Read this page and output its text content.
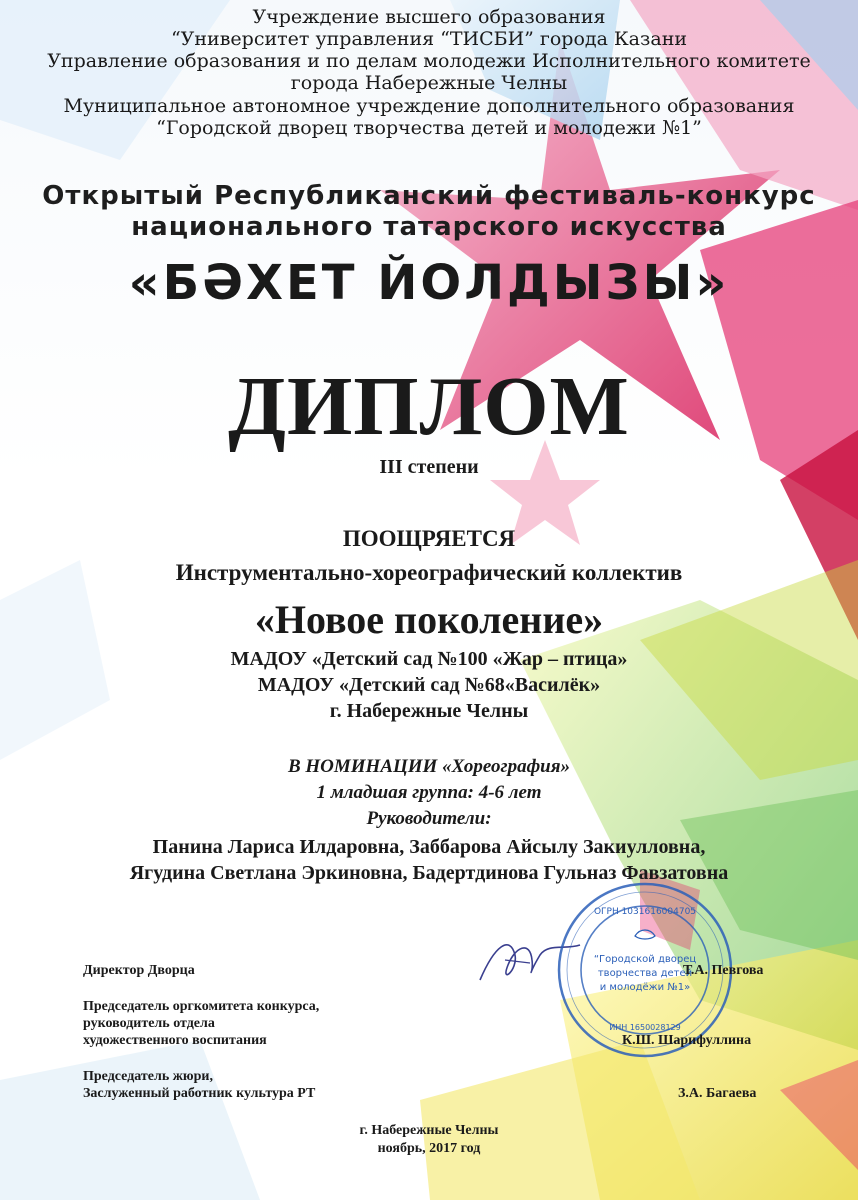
Учреждение высшего образования
“Университет управления “ТИСБИ” города Казани
Управление образования и по делам молодежи Исполнительного комитете
города Набережные Челны
Муниципальное автономное учреждение дополнительного образования
“Городской дворец творчества детей и молодежи №1”
Открытый Республиканский фестиваль-конкурс
национального татарского искусства
«БӘХЕТ ЙОЛДЫЗЫ»
ДИПЛОМ
III степени
ПООЩРЯЕТСЯ
Инструментально-хореографический коллектив
«Новое поколение»
МАДОУ «Детский сад №100 «Жар – птица»
МАДОУ «Детский сад №68«Василёк»
г. Набережные Челны
В НОМИНАЦИИ «Хореография»
1 младшая группа: 4-6 лет
Руководители:
Панина Лариса Илдаровна, Заббарова Айсылу Закиулловна,
Ягудина Светлана Эркиновна, Бадертдинова Гульназ Фавзатовна
ОГРН 1031616004705
“Городской дворец
творчества детей
и молодёжи №1»
ИНН 1650028129
Директор Дворца	Т.А. Певгова
Председатель оргкомитета конкурса,
руководитель отдела
художественного воспитания	К.Ш. Шарифуллина
Председатель жюри,
Заслуженный работник культура РТ	З.А. Багаева
г. Набережные Челны
ноябрь, 2017 год
